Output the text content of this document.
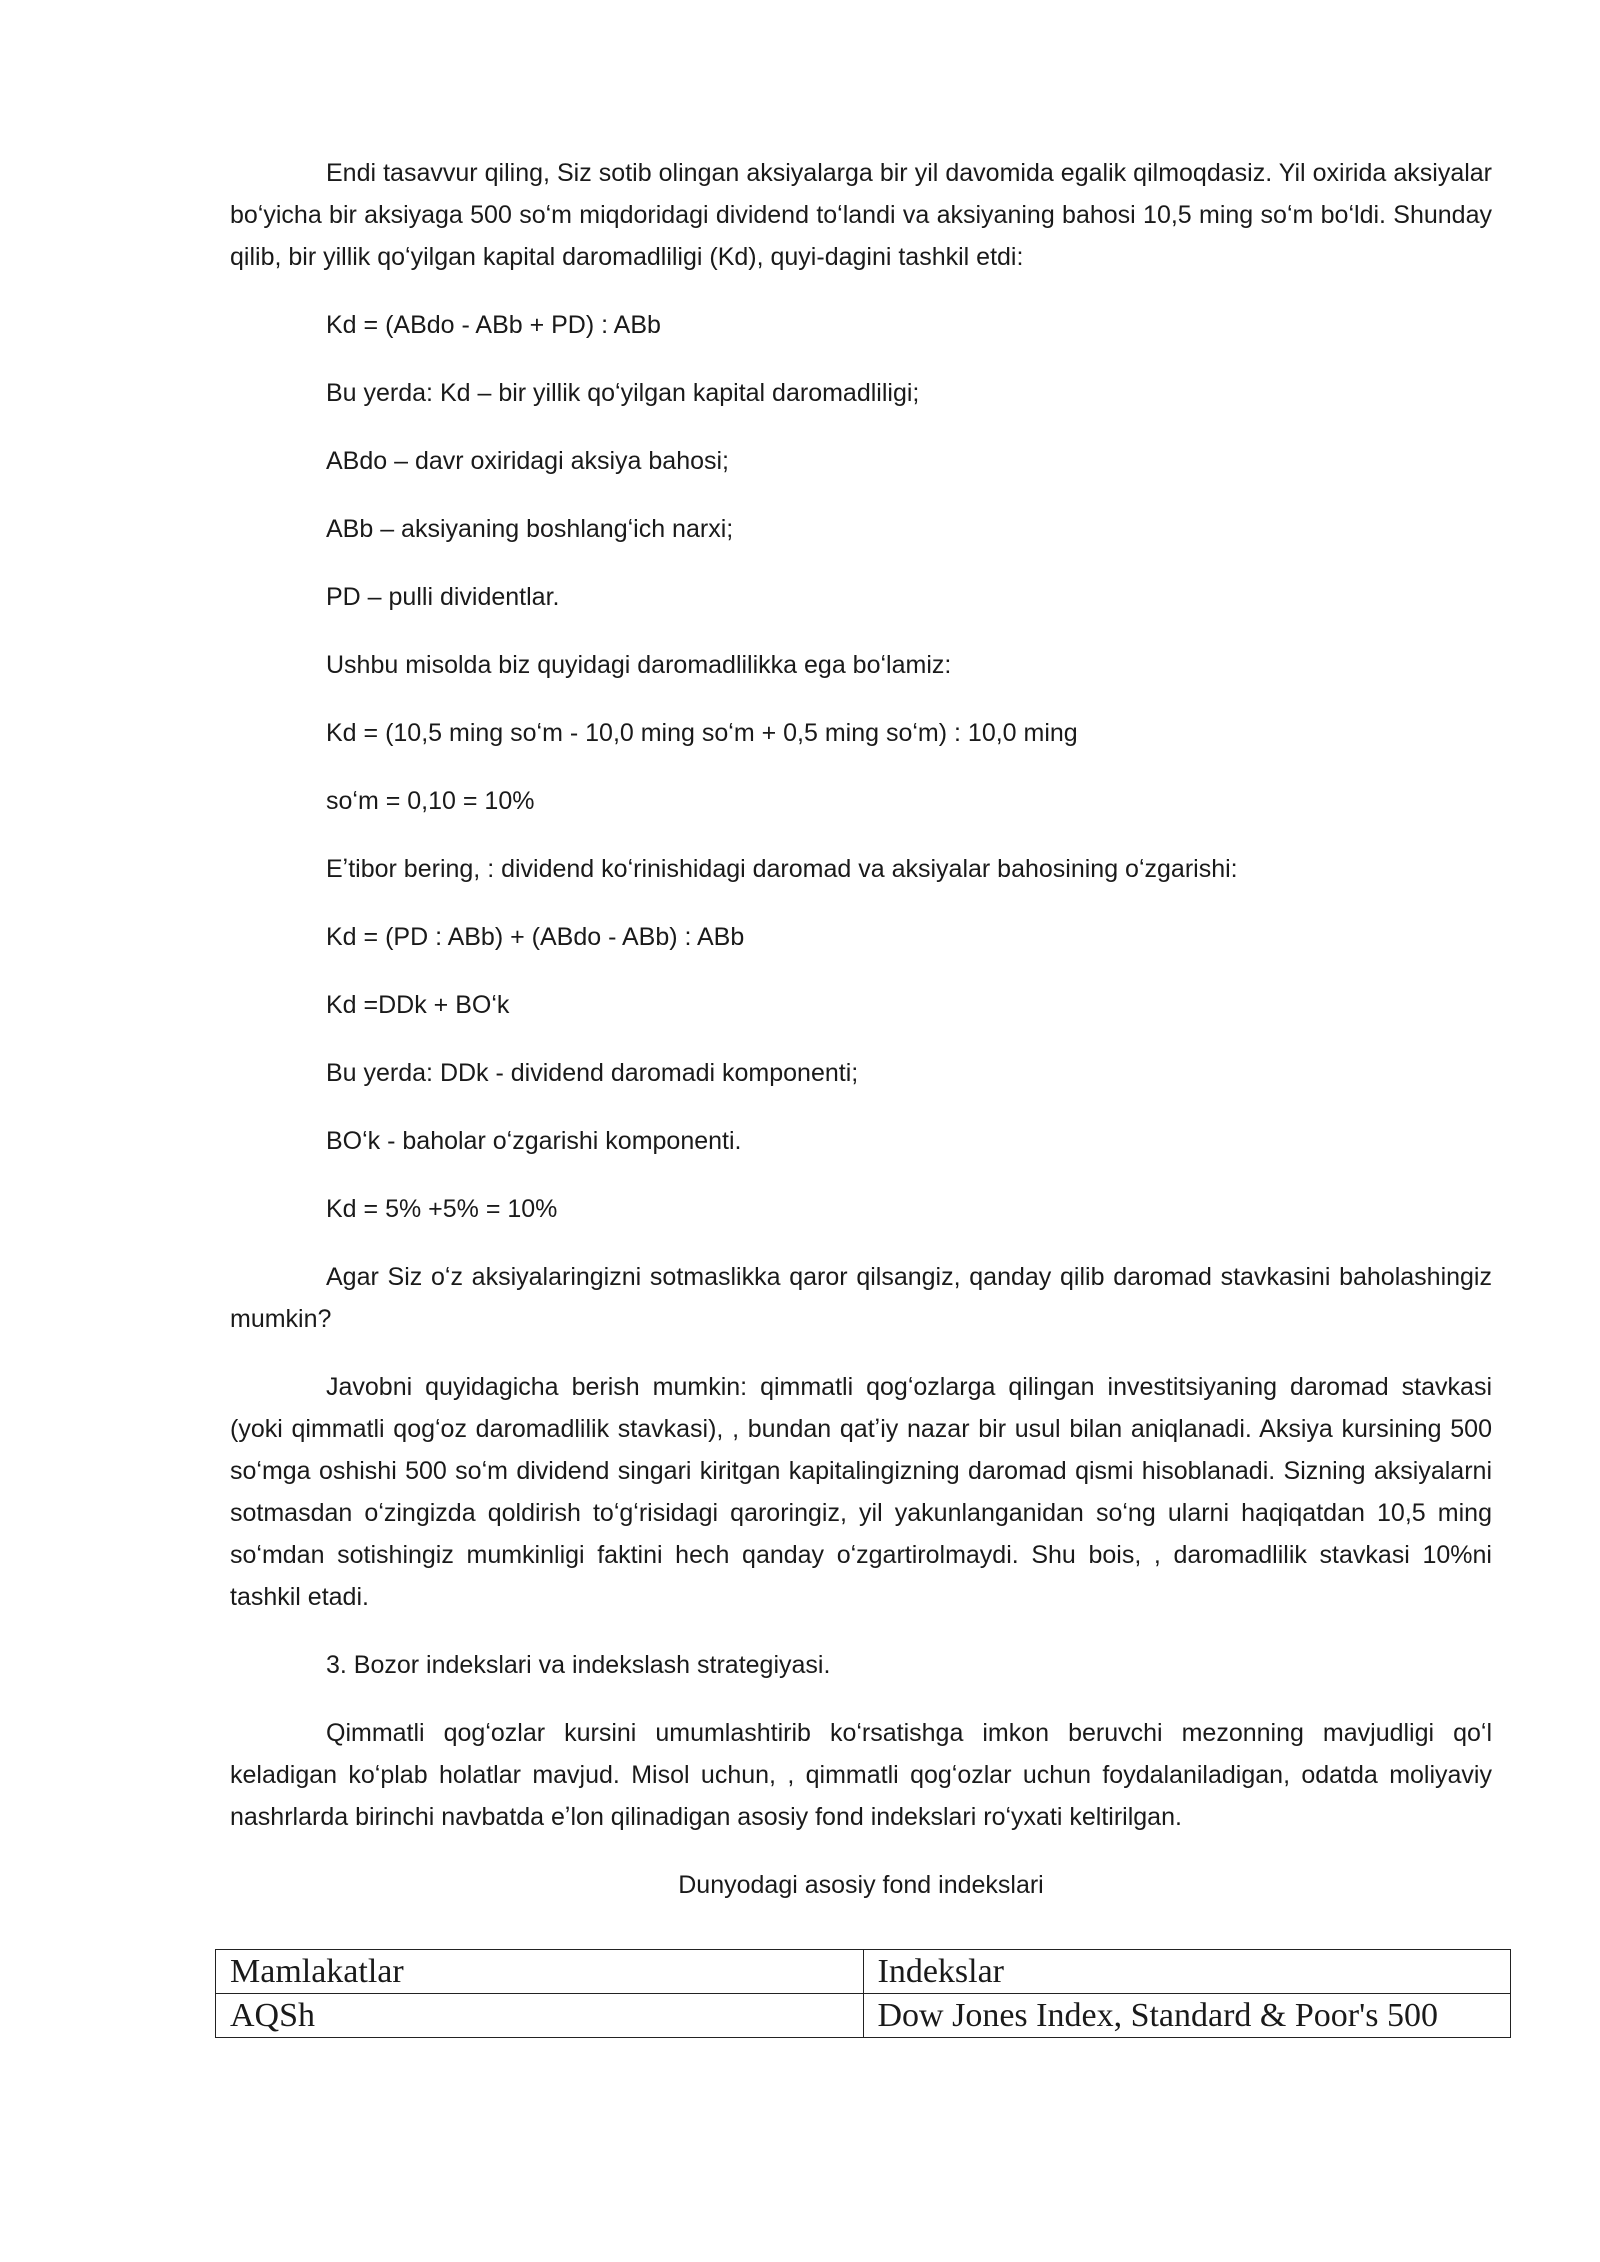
Endi tasavvur qiling, Siz sotib olingan aksiyalarga bir yil davomida egalik qilmoqdasiz. Yil oxirida aksiyalar boʻyicha bir aksiyaga 500 soʻm miqdoridagi dividend toʻlandi va aksiyaning bahosi 10,5 ming soʻm boʻldi. Shunday qilib, bir yillik qoʻyilgan kapital daromadliligi (Kd), quyi-dagini tashkil etdi:

Kd = (ABdo - ABb + PD) : ABb

Bu yerda: Kd – bir yillik qoʻyilgan kapital daromadliligi;

ABdo – davr oxiridagi aksiya bahosi;

ABb – aksiyaning boshlangʻich narxi;

PD – pulli dividentlar.

Ushbu misolda biz quyidagi daromadlilikka ega boʻlamiz:

Kd = (10,5 ming soʻm - 10,0 ming soʻm + 0,5 ming soʻm) : 10,0 ming

soʻm = 0,10 = 10%

Eʼtibor bering, : dividend koʻrinishidagi daromad va aksiyalar bahosining oʻzgarishi:

Kd = (PD : ABb) + (ABdo - ABb) : ABb

Kd =DDk + BOʻk

Bu yerda: DDk - dividend daromadi komponenti;

BOʻk - baholar oʻzgarishi komponenti.

Kd = 5% +5% = 10%

Agar Siz oʻz aksiyalaringizni sotmaslikka qaror qilsangiz, qanday qilib daromad stavkasini baholashingiz mumkin?

Javobni quyidagicha berish mumkin: qimmatli qogʻozlarga qilingan investitsiyaning daromad stavkasi (yoki qimmatli qogʻoz daromadlilik stavkasi), , bundan qatʼiy nazar bir usul bilan aniqlanadi. Aksiya kursining 500 soʻmga oshishi 500 soʻm dividend singari kiritgan kapitalingizning daromad qismi hisoblanadi. Sizning aksiyalarni sotmasdan oʻzingizda qoldirish toʻgʻrisidagi qaroringiz, yil yakunlanganidan soʻng ularni haqiqatdan 10,5 ming soʻmdan sotishingiz mumkinligi faktini hech qanday oʻzgartirolmaydi. Shu bois, , daromadlilik stavkasi 10%ni tashkil etadi.

3. Bozor indekslari va indekslash strategiyasi.

Qimmatli qogʻozlar kursini umumlashtirib koʻrsatishga imkon beruvchi mezonning mavjudligi qoʻl keladigan koʻplab holatlar mavjud. Misol uchun, , qimmatli qogʻozlar uchun foydalaniladigan, odatda moliyaviy nashrlarda birinchi navbatda eʼlon qilinadigan asosiy fond indekslari roʻyxati keltirilgan.

Dunyodagi asosiy fond indekslari

Mamlakatlar	Indekslar
AQSh	Dow Jones Index, Standard & Poor's 500
